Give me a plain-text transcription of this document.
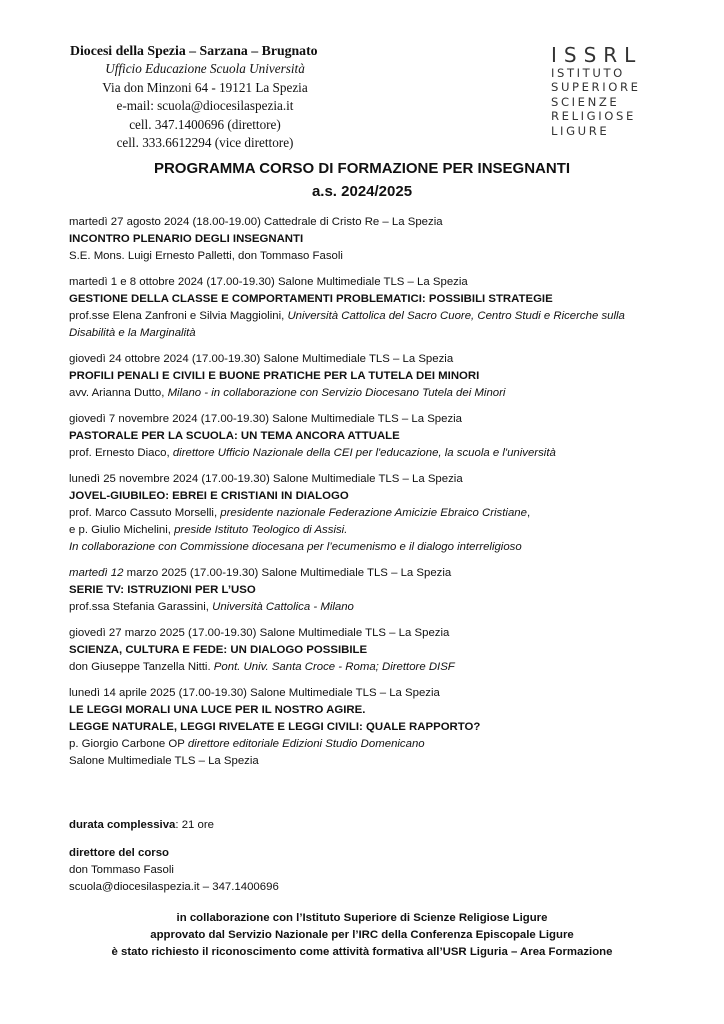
Diocesi della Spezia – Sarzana – Brugnato
Ufficio Educazione Scuola Università
Via don Minzoni 64 - 19121 La Spezia
e-mail: scuola@diocesilaspezia.it
cell. 347.1400696 (direttore)
cell. 333.6612294 (vice direttore)
ISSRL
ISTITUTO
SUPERIORE
SCIENZE
RELIGIOSE
LIGURE
PROGRAMMA CORSO DI FORMAZIONE PER INSEGNANTI
a.s. 2024/2025
martedì 27 agosto 2024 (18.00-19.00) Cattedrale di Cristo Re – La Spezia
INCONTRO PLENARIO DEGLI INSEGNANTI
S.E. Mons. Luigi Ernesto Palletti, don Tommaso Fasoli
martedì 1 e 8 ottobre 2024 (17.00-19.30) Salone Multimediale TLS – La Spezia
GESTIONE DELLA CLASSE E COMPORTAMENTI PROBLEMATICI: POSSIBILI STRATEGIE
prof.sse Elena Zanfroni e Silvia Maggiolini, Università Cattolica del Sacro Cuore, Centro Studi e Ricerche sulla Disabilità e la Marginalità
giovedì 24 ottobre 2024 (17.00-19.30) Salone Multimediale TLS – La Spezia
PROFILI PENALI E CIVILI E BUONE PRATICHE PER LA TUTELA DEI MINORI
avv. Arianna Dutto, Milano - in collaborazione con Servizio Diocesano Tutela dei Minori
giovedì 7 novembre 2024 (17.00-19.30) Salone Multimediale TLS – La Spezia
PASTORALE PER LA SCUOLA: UN TEMA ANCORA ATTUALE
prof. Ernesto Diaco, direttore Ufficio Nazionale della CEI per l'educazione, la scuola e l'università
lunedì 25 novembre 2024 (17.00-19.30) Salone Multimediale TLS – La Spezia
JOVEL-GIUBILEO: EBREI E CRISTIANI IN DIALOGO
prof. Marco Cassuto Morselli, presidente nazionale Federazione Amicizie Ebraico Cristiane,
e p. Giulio Michelini, preside Istituto Teologico di Assisi.
In collaborazione con Commissione diocesana per l’ecumenismo e il dialogo interreligioso
martedì 12 marzo 2025 (17.00-19.30) Salone Multimediale TLS – La Spezia
SERIE TV: ISTRUZIONI PER L’USO
prof.ssa Stefania Garassini, Università Cattolica - Milano
giovedì 27 marzo 2025 (17.00-19.30) Salone Multimediale TLS – La Spezia
SCIENZA, CULTURA E FEDE: UN DIALOGO POSSIBILE
don Giuseppe Tanzella Nitti. Pont. Univ. Santa Croce - Roma; Direttore DISF
lunedì 14 aprile 2025 (17.00-19.30) Salone Multimediale TLS – La Spezia
LE LEGGI MORALI UNA LUCE PER IL NOSTRO AGIRE.
LEGGE NATURALE, LEGGI RIVELATE E LEGGI CIVILI: QUALE RAPPORTO?
p. Giorgio Carbone OP direttore editoriale Edizioni Studio Domenicano
Salone Multimediale TLS – La Spezia
durata complessiva: 21 ore
direttore del corso
don Tommaso Fasoli
scuola@diocesilaspezia.it – 347.1400696
in collaborazione con l’Istituto Superiore di Scienze Religiose Ligure
approvato dal Servizio Nazionale per l’IRC della Conferenza Episcopale Ligure
è stato richiesto il riconoscimento come attività formativa all’USR Liguria – Area Formazione
